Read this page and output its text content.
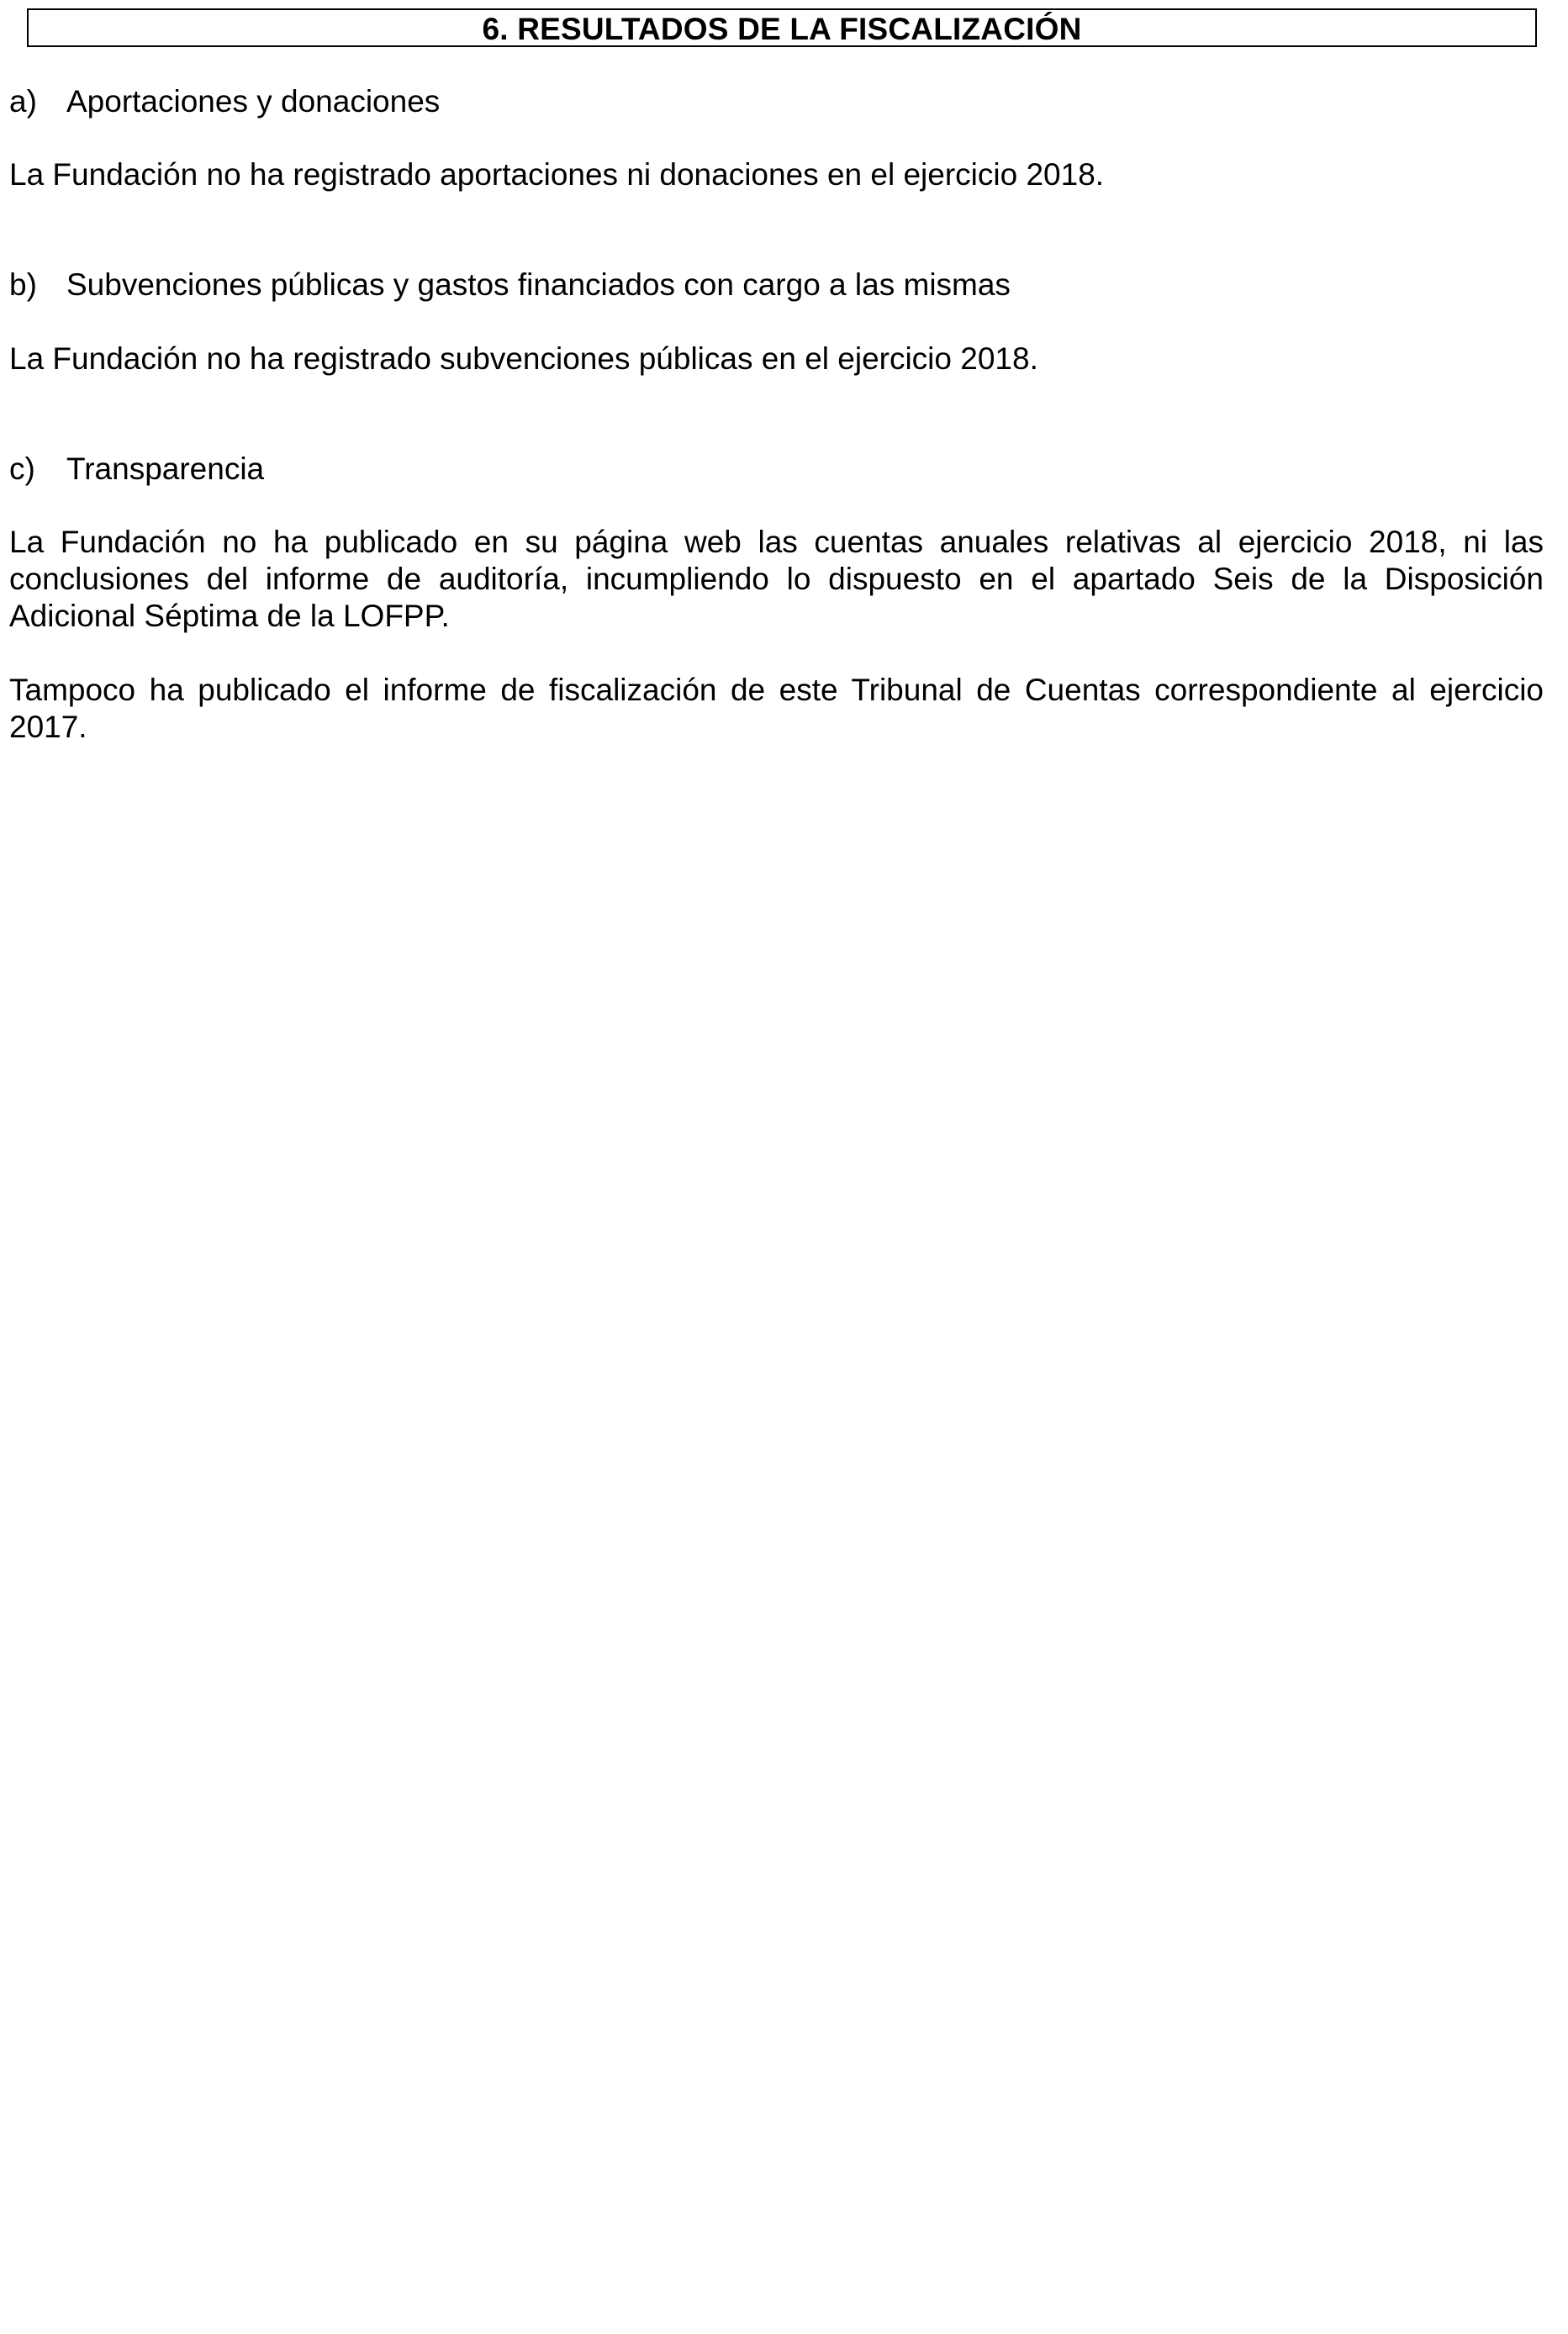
6. RESULTADOS DE LA FISCALIZACIÓN
a) Aportaciones y donaciones

La Fundación no ha registrado aportaciones ni donaciones en el ejercicio 2018.

b) Subvenciones públicas y gastos financiados con cargo a las mismas

La Fundación no ha registrado subvenciones públicas en el ejercicio 2018.

c) Transparencia

La Fundación no ha publicado en su página web las cuentas anuales relativas al ejercicio 2018, ni las conclusiones del informe de auditoría, incumpliendo lo dispuesto en el apartado Seis de la Disposición Adicional Séptima de la LOFPP.

Tampoco ha publicado el informe de fiscalización de este Tribunal de Cuentas correspondiente al ejercicio 2017.
